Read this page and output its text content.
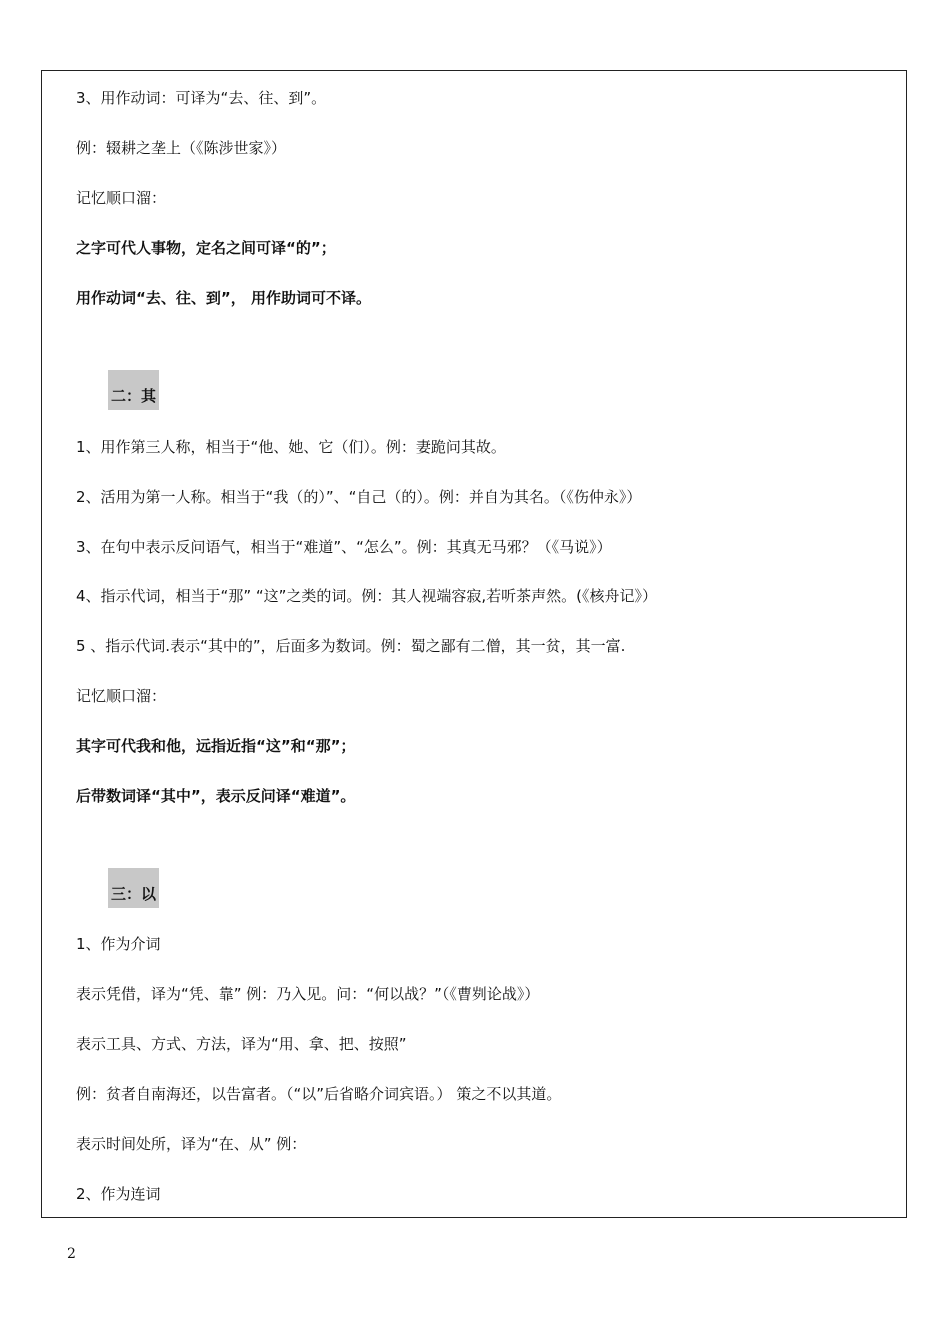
3、用作动词：可译为“去、往、到”。
例：辍耕之垄上（《陈涉世家》）
记忆顺口溜：
之字可代人事物，定名之间可译“的”；
用作动词“去、往、到”， 用作助词可不译。
二：其
1、用作第三人称，相当于“他、她、它（们）。例：妻跪问其故。
2、活用为第一人称。相当于“我（的）”、“自己（的）。例：并自为其名。（《伤仲永》）
3、在句中表示反问语气，相当于“难道”、“怎么”。例：其真无马邪？（《马说》）
4、指示代词，相当于“那” “这”之类的词。例：其人视端容寂,若听茶声然。(《核舟记》）
5 、指示代词.表示“其中的”，后面多为数词。例：蜀之鄙有二僧，其一贫，其一富.
记忆顺口溜：
其字可代我和他，远指近指“这”和“那”；
后带数词译“其中”，表示反问译“难道”。
三：以
1、作为介词
表示凭借，译为“凭、靠” 例：乃入见。问：“何以战？”（《曹刿论战》）
表示工具、方式、方法，译为“用、拿、把、按照”
例：贫者自南海还，以告富者。（“以”后省略介词宾语。） 策之不以其道。
表示时间处所，译为“在、从” 例：
2、作为连词
2
